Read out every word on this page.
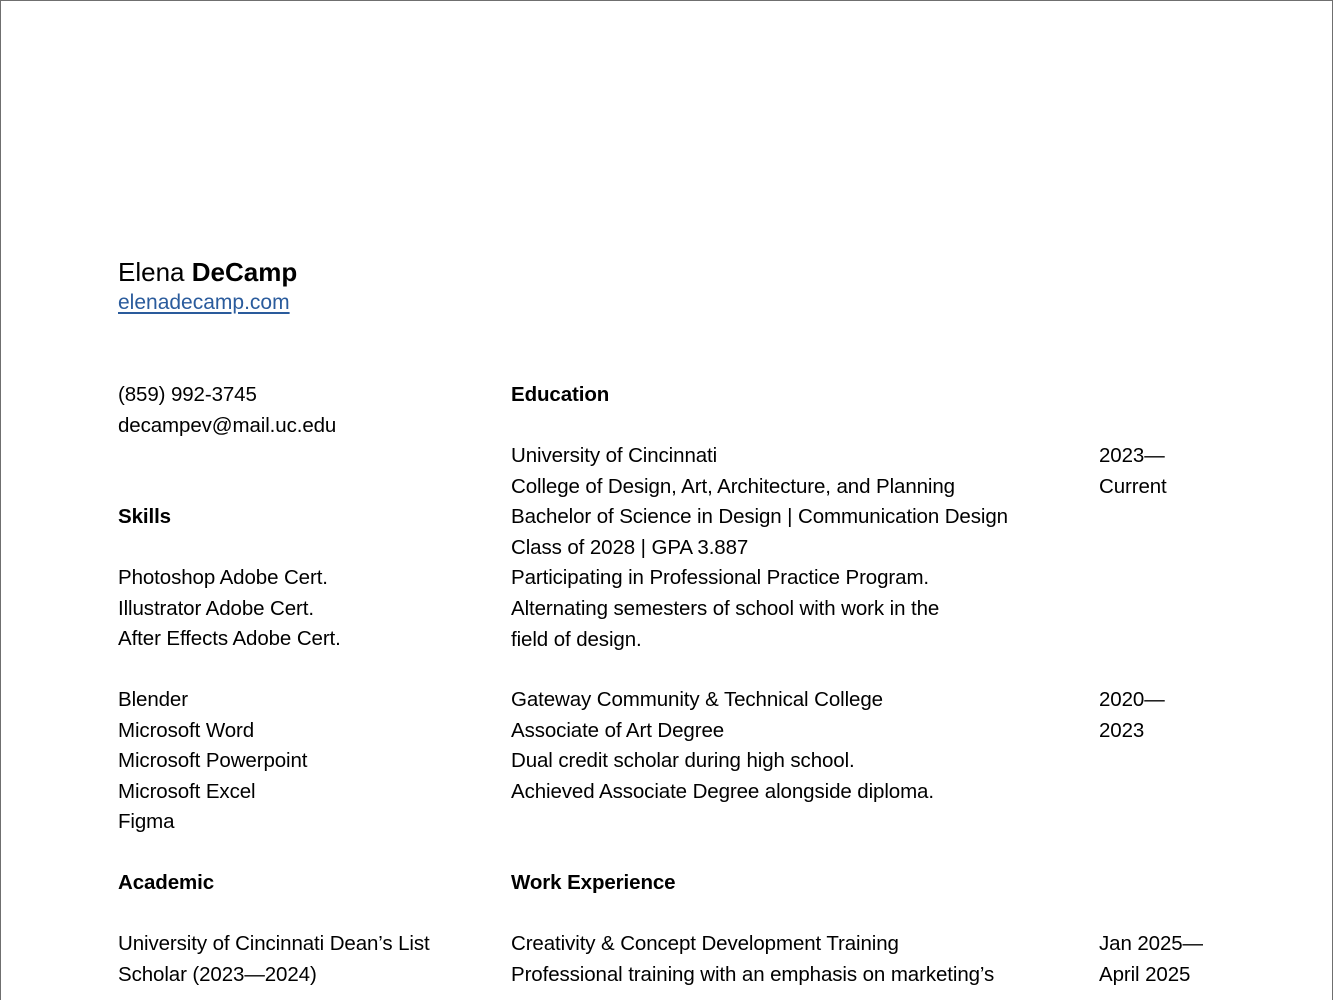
Elena DeCamp
elenadecamp.com
(859) 992-3745
decampev@mail.uc.edu
Skills
Photoshop Adobe Cert.
Illustrator Adobe Cert.
After Effects Adobe Cert.
Blender
Microsoft Word
Microsoft Powerpoint
Microsoft Excel
Figma
Academic
University of Cincinnati Dean’s List
Scholar (2023—2024)
Education
University of Cincinnati
College of Design, Art, Architecture, and Planning
Bachelor of Science in Design | Communication Design
Class of 2028 | GPA 3.887
Participating in Professional Practice Program.
Alternating semesters of school with work in the
field of design.
2023—
Current
Gateway Community & Technical College
Associate of Art Degree
Dual credit scholar during high school.
Achieved Associate Degree alongside diploma.
2020—
2023
Work Experience
Creativity & Concept Development Training
Professional training with an emphasis on marketing’s
Jan 2025—
April 2025
